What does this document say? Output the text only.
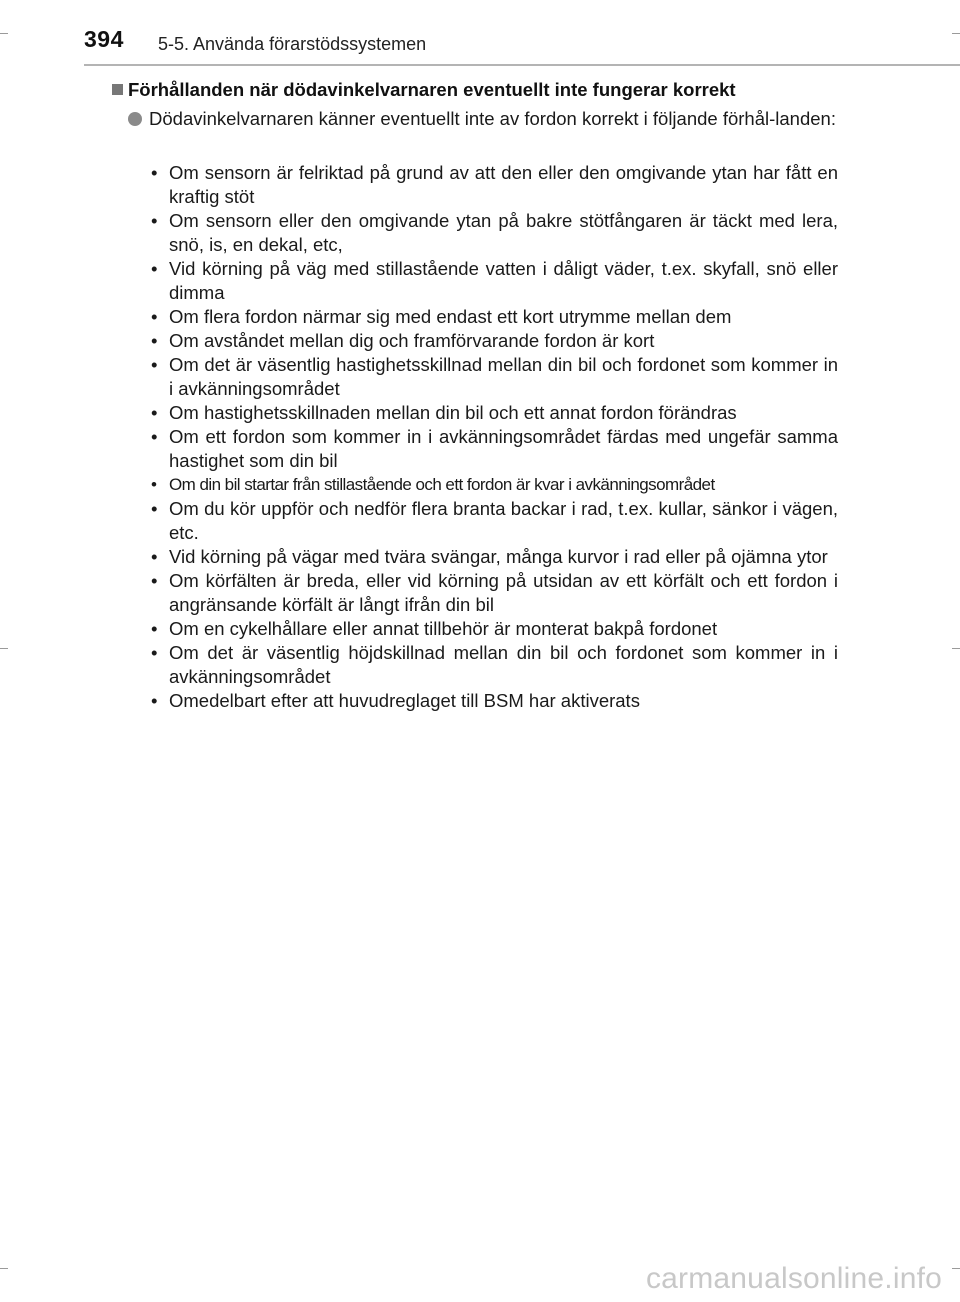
394 5-5. Använda förarstödssystemen
Förhållanden när dödavinkelvarnaren eventuellt inte fungerar korrekt
Dödavinkelvarnaren känner eventuellt inte av fordon korrekt i följande förhål-landen:
• Om sensorn är felriktad på grund av att den eller den omgivande ytan har fått en kraftig stöt
• Om sensorn eller den omgivande ytan på bakre stötfångaren är täckt med lera, snö, is, en dekal, etc,
• Vid körning på väg med stillastående vatten i dåligt väder, t.ex. skyfall, snö eller dimma
• Om flera fordon närmar sig med endast ett kort utrymme mellan dem
• Om avståndet mellan dig och framförvarande fordon är kort
• Om det är väsentlig hastighetsskillnad mellan din bil och fordonet som kommer in i avkänningsområdet
• Om hastighetsskillnaden mellan din bil och ett annat fordon förändras
• Om ett fordon som kommer in i avkänningsområdet färdas med ungefär samma hastighet som din bil
• Om din bil startar från stillastående och ett fordon är kvar i avkänningsområdet
• Om du kör uppför och nedför flera branta backar i rad, t.ex. kullar, sänkor i vägen, etc.
• Vid körning på vägar med tvära svängar, många kurvor i rad eller på ojämna ytor
• Om körfälten är breda, eller vid körning på utsidan av ett körfält och ett fordon i angränsande körfält är långt ifrån din bil
• Om en cykelhållare eller annat tillbehör är monterat bakpå fordonet
• Om det är väsentlig höjdskillnad mellan din bil och fordonet som kommer in i avkänningsområdet
• Omedelbart efter att huvudreglaget till BSM har aktiverats
carmanualsonline.info
